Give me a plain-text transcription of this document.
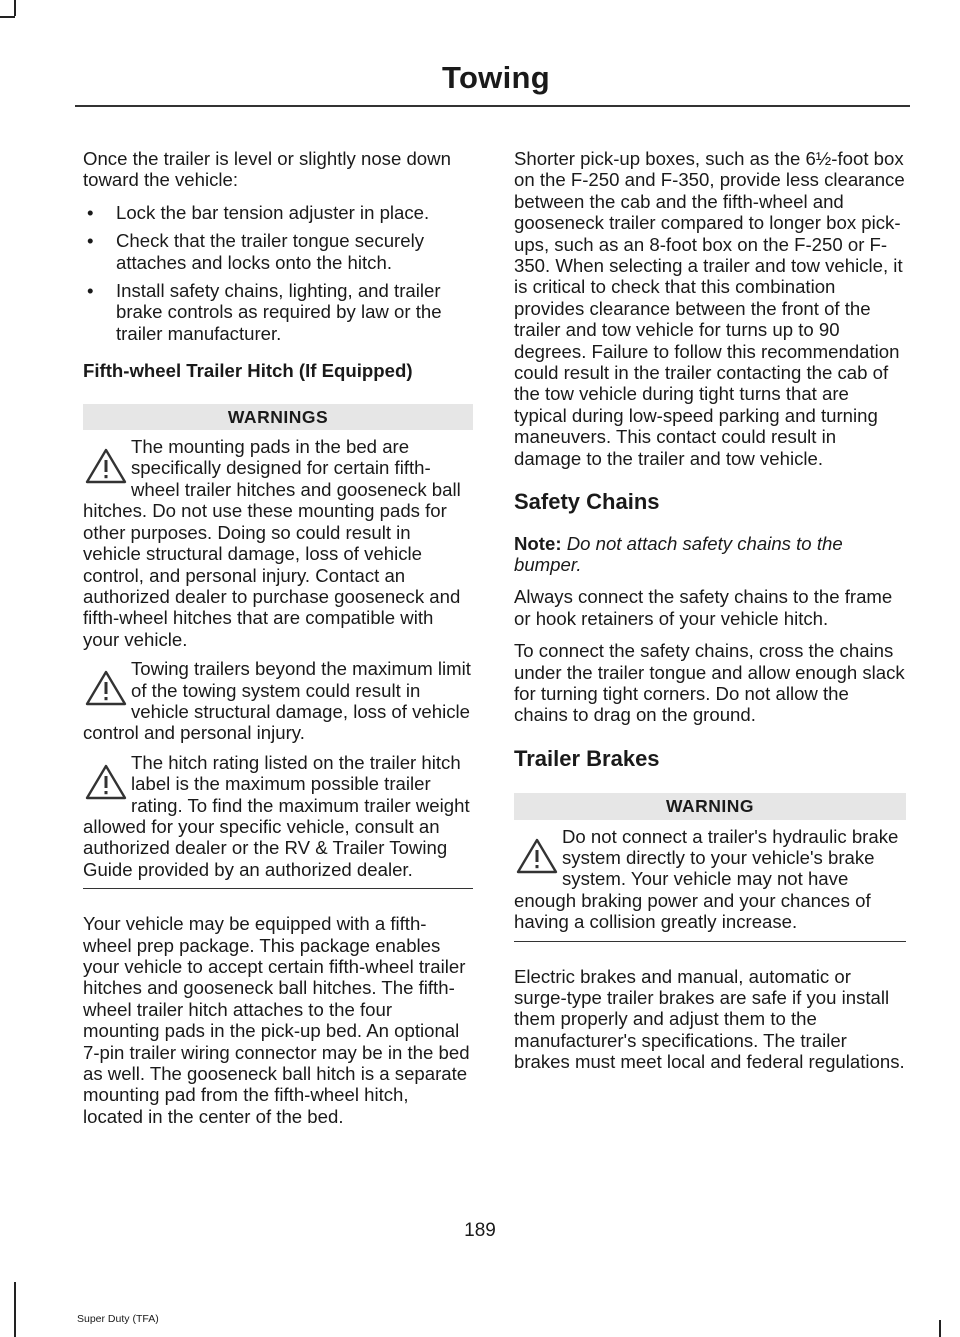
Towing

Once the trailer is level or slightly nose down toward the vehicle:

• Lock the bar tension adjuster in place.
• Check that the trailer tongue securely attaches and locks onto the hitch.
• Install safety chains, lighting, and trailer brake controls as required by law or the trailer manufacturer.
Fifth-wheel Trailer Hitch (If Equipped)
WARNINGS
The mounting pads in the bed are specifically designed for certain fifth-wheel trailer hitches and gooseneck ball hitches. Do not use these mounting pads for other purposes. Doing so could result in vehicle structural damage, loss of vehicle control, and personal injury. Contact an authorized dealer to purchase gooseneck and fifth-wheel hitches that are compatible with your vehicle.
Towing trailers beyond the maximum limit of the towing system could result in vehicle structural damage, loss of vehicle control and personal injury.
The hitch rating listed on the trailer hitch label is the maximum possible trailer rating. To find the maximum trailer weight allowed for your specific vehicle, consult an authorized dealer or the RV & Trailer Towing Guide provided by an authorized dealer.

Your vehicle may be equipped with a fifth-wheel prep package. This package enables your vehicle to accept certain fifth-wheel trailer hitches and gooseneck ball hitches. The fifth-wheel trailer hitch attaches to the four mounting pads in the pick-up bed. An optional 7-pin trailer wiring connector may be in the bed as well. The gooseneck ball hitch is a separate mounting pad from the fifth-wheel hitch, located in the center of the bed.

Shorter pick-up boxes, such as the 6½-foot box on the F-250 and F-350, provide less clearance between the cab and the fifth-wheel and gooseneck trailer compared to longer box pick-ups, such as an 8-foot box on the F-250 or F-350. When selecting a trailer and tow vehicle, it is critical to check that this combination provides clearance between the front of the trailer and tow vehicle for turns up to 90 degrees. Failure to follow this recommendation could result in the trailer contacting the cab of the tow vehicle during tight turns that are typical during low-speed parking and turning maneuvers. This contact could result in damage to the trailer and tow vehicle.

Safety Chains

Note: Do not attach safety chains to the bumper.

Always connect the safety chains to the frame or hook retainers of your vehicle hitch.

To connect the safety chains, cross the chains under the trailer tongue and allow enough slack for turning tight corners. Do not allow the chains to drag on the ground.

Trailer Brakes
WARNING
Do not connect a trailer's hydraulic brake system directly to your vehicle's brake system. Your vehicle may not have enough braking power and your chances of having a collision greatly increase.

Electric brakes and manual, automatic or surge-type trailer brakes are safe if you install them properly and adjust them to the manufacturer's specifications. The trailer brakes must meet local and federal regulations.

189
Super Duty (TFA)
